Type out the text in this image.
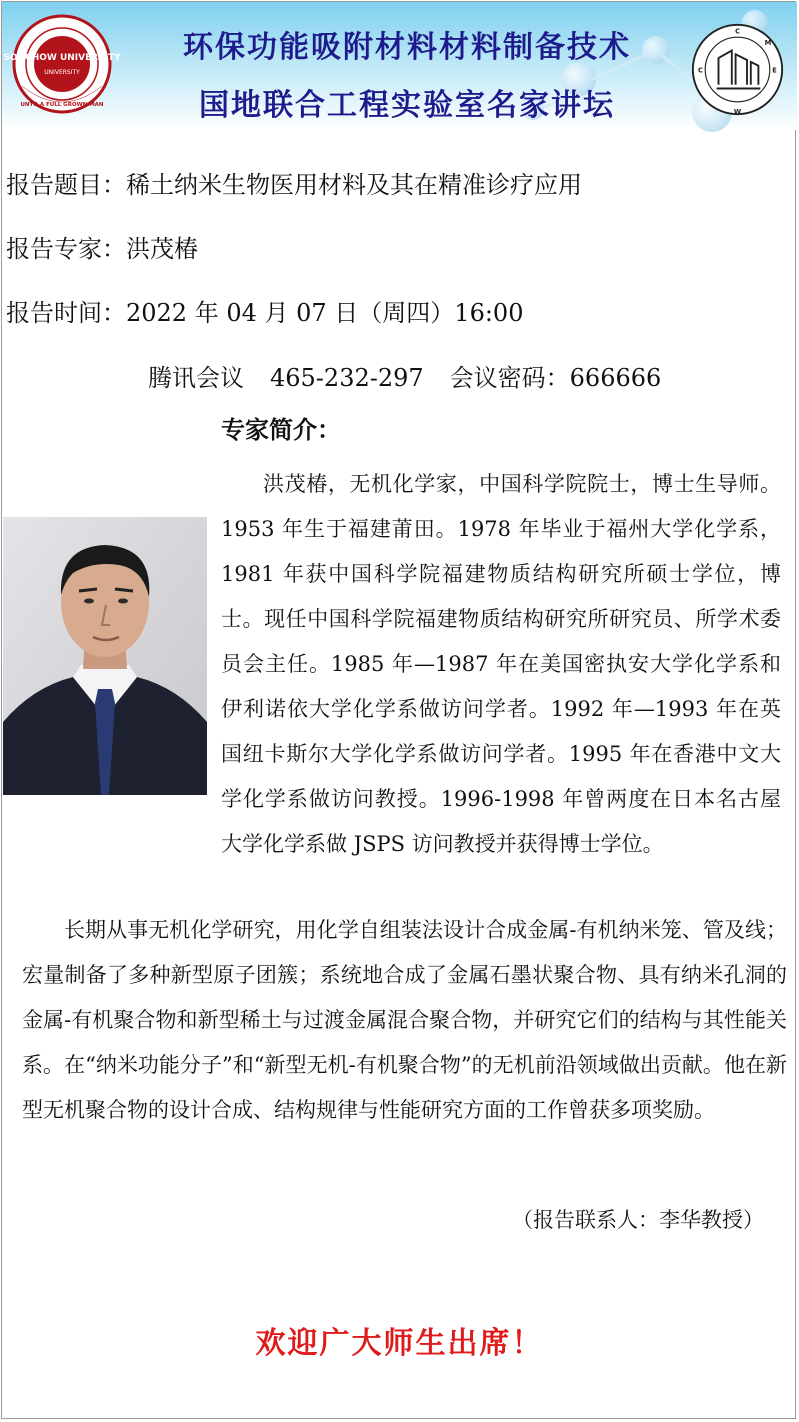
SOOCHOW UNIVERSITY
UNIVERSITY
UNTO A FULL GROWN MAN
环保功能吸附材料材料制备技术
国地联合工程实验室名家讲坛
C
E
W
C
M
报告题目：稀土纳米生物医用材料及其在精准诊疗应用
报告专家：洪茂椿
报告时间：2022 年 04 月 07 日（周四）16:00
腾讯会议 465-232-297 会议密码：666666
专家简介：

洪茂椿，无机化学家，中国科学院院士，博士生导师。1953 年生于福建莆田。1978 年毕业于福州大学化学系，1981 年获中国科学院福建物质结构研究所硕士学位，博士。现任中国科学院福建物质结构研究所研究员、所学术委员会主任。1985 年—1987 年在美国密执安大学化学系和伊利诺依大学化学系做访问学者。1992 年—1993 年在英国纽卡斯尔大学化学系做访问学者。1995 年在香港中文大学化学系做访问教授。1996-1998 年曾两度在日本名古屋大学化学系做 JSPS 访问教授并获得博士学位。

长期从事无机化学研究，用化学自组装法设计合成金属-有机纳米笼、管及线；宏量制备了多种新型原子团簇；系统地合成了金属石墨状聚合物、具有纳米孔洞的金属-有机聚合物和新型稀土与过渡金属混合聚合物，并研究它们的结构与其性能关系。在“纳米功能分子”和“新型无机-有机聚合物”的无机前沿领域做出贡献。他在新型无机聚合物的设计合成、结构规律与性能研究方面的工作曾获多项奖励。

（报告联系人：李华教授）
欢迎广大师生出席！
